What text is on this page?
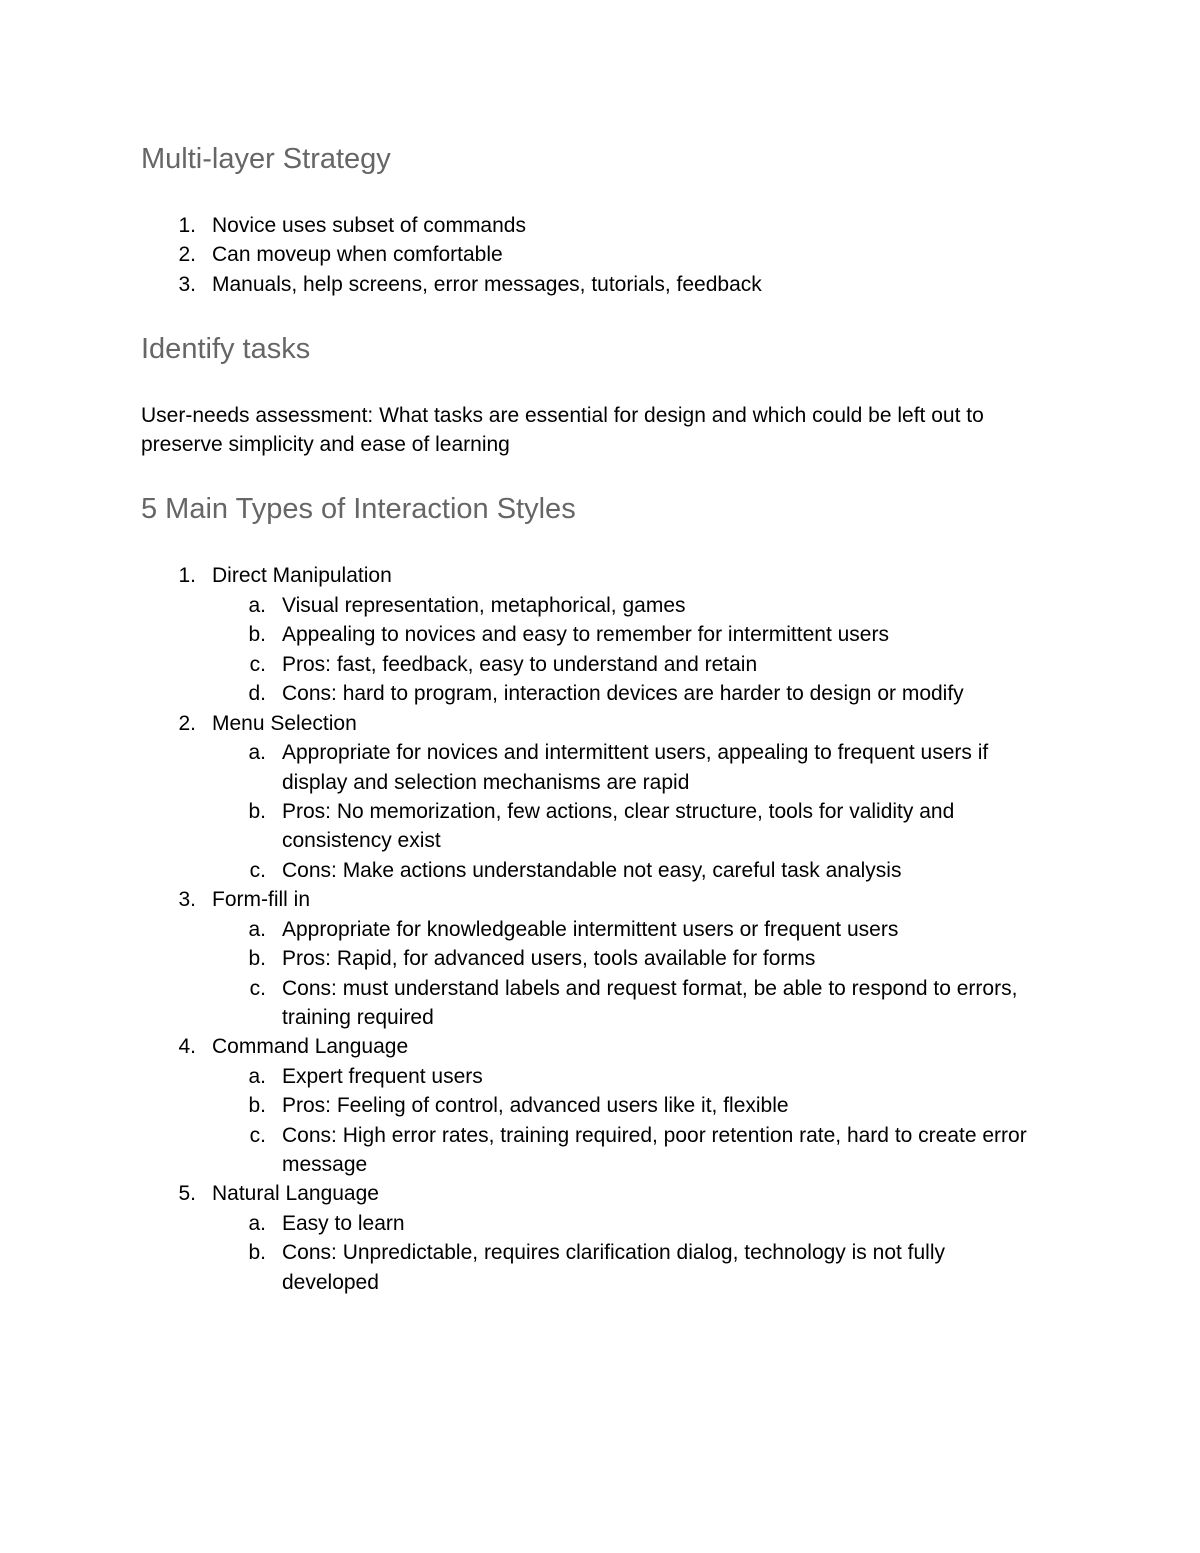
Multi-layer Strategy
1. Novice uses subset of commands

2. Can moveup when comfortable

3. Manuals, help screens, error messages, tutorials, feedback

Identify tasks

User-needs assessment: What tasks are essential for design and which could be left out to preserve simplicity and ease of learning

5 Main Types of Interaction Styles
1. Direct Manipulation

a. Visual representation, metaphorical, games

b. Appealing to novices and easy to remember for intermittent users

c. Pros: fast, feedback, easy to understand and retain

d. Cons: hard to program, interaction devices are harder to design or modify

2. Menu Selection

a. Appropriate for novices and intermittent users, appealing to frequent users if

display and selection mechanisms are rapid

b. Pros: No memorization, few actions, clear structure, tools for validity and

consistency exist

c. Cons: Make actions understandable not easy, careful task analysis

3. Form-fill in

a. Appropriate for knowledgeable intermittent users or frequent users

b. Pros: Rapid, for advanced users, tools available for forms

c. Cons: must understand labels and request format, be able to respond to errors,

training required

4. Command Language

a. Expert frequent users

b. Pros: Feeling of control, advanced users like it, flexible

c. Cons: High error rates, training required, poor retention rate, hard to create error

message

5. Natural Language

a. Easy to learn

b. Cons: Unpredictable, requires clarification dialog, technology is not fully

developed
